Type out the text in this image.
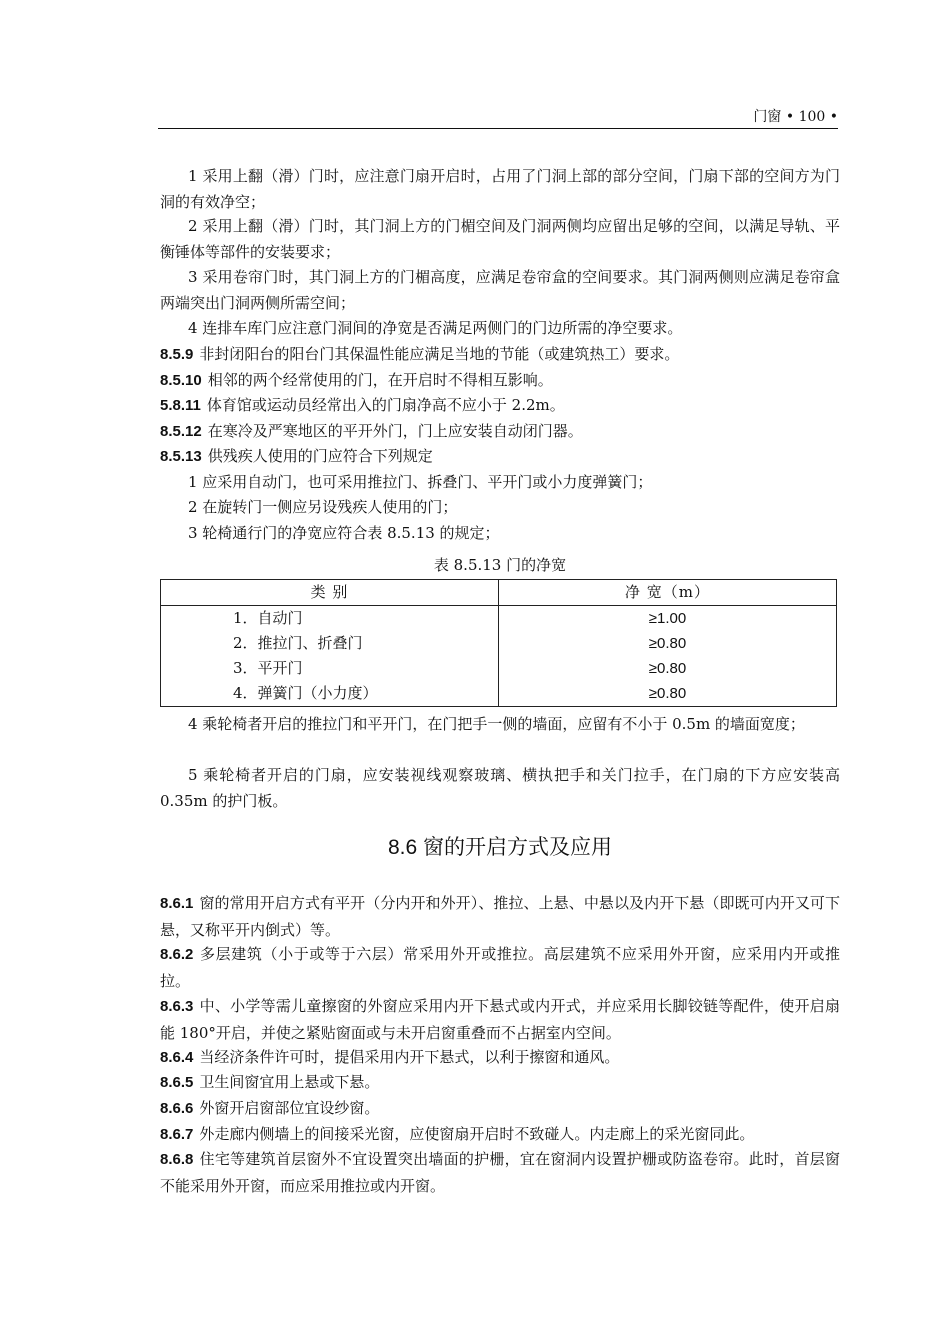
门窗 • 100 •

1 采用上翻（滑）门时，应注意门扇开启时，占用了门洞上部的部分空间，门扇下部的空间方为门洞的有效净空；

2 采用上翻（滑）门时，其门洞上方的门楣空间及门洞两侧均应留出足够的空间，以满足导轨、平衡锤体等部件的安装要求；

3 采用卷帘门时，其门洞上方的门楣高度，应满足卷帘盒的空间要求。其门洞两侧则应满足卷帘盒两端突出门洞两侧所需空间；

4 连排车库门应注意门洞间的净宽是否满足两侧门的门边所需的净空要求。

8.5.9 非封闭阳台的阳台门其保温性能应满足当地的节能（或建筑热工）要求。

8.5.10 相邻的两个经常使用的门，在开启时不得相互影响。

5.8.11 体育馆或运动员经常出入的门扇净高不应小于 2.2m。

8.5.12 在寒冷及严寒地区的平开外门，门上应安装自动闭门器。

8.5.13 供残疾人使用的门应符合下列规定

1 应采用自动门，也可采用推拉门、拆叠门、平开门或小力度弹簧门；

2 在旋转门一侧应另设残疾人使用的门；

3 轮椅通行门的净宽应符合表 8.5.13 的规定；

表 8.5.13 门的净宽
类 别	净 宽（m）
1．自动门	≥1.00
2．推拉门、折叠门	≥0.80
3．平开门	≥0.80
4．弹簧门（小力度）	≥0.80

4 乘轮椅者开启的推拉门和平开门，在门把手一侧的墙面，应留有不小于 0.5m 的墙面宽度；

5 乘轮椅者开启的门扇，应安装视线观察玻璃、横执把手和关门拉手，在门扇的下方应安装高 0.35m 的护门板。

8.6 窗的开启方式及应用

8.6.1 窗的常用开启方式有平开（分内开和外开）、推拉、上悬、中悬以及内开下悬（即既可内开又可下悬，又称平开内倒式）等。

8.6.2 多层建筑（小于或等于六层）常采用外开或推拉。高层建筑不应采用外开窗，应采用内开或推拉。

8.6.3 中、小学等需儿童擦窗的外窗应采用内开下悬式或内开式，并应采用长脚铰链等配件，使开启扇能 180°开启，并使之紧贴窗面或与未开启窗重叠而不占据室内空间。

8.6.4 当经济条件许可时，提倡采用内开下悬式，以利于擦窗和通风。

8.6.5 卫生间窗宜用上悬或下悬。

8.6.6 外窗开启窗部位宜设纱窗。

8.6.7 外走廊内侧墙上的间接采光窗，应使窗扇开启时不致碰人。内走廊上的采光窗同此。

8.6.8 住宅等建筑首层窗外不宜设置突出墙面的护栅，宜在窗洞内设置护栅或防盗卷帘。此时，首层窗不能采用外开窗，而应采用推拉或内开窗。
